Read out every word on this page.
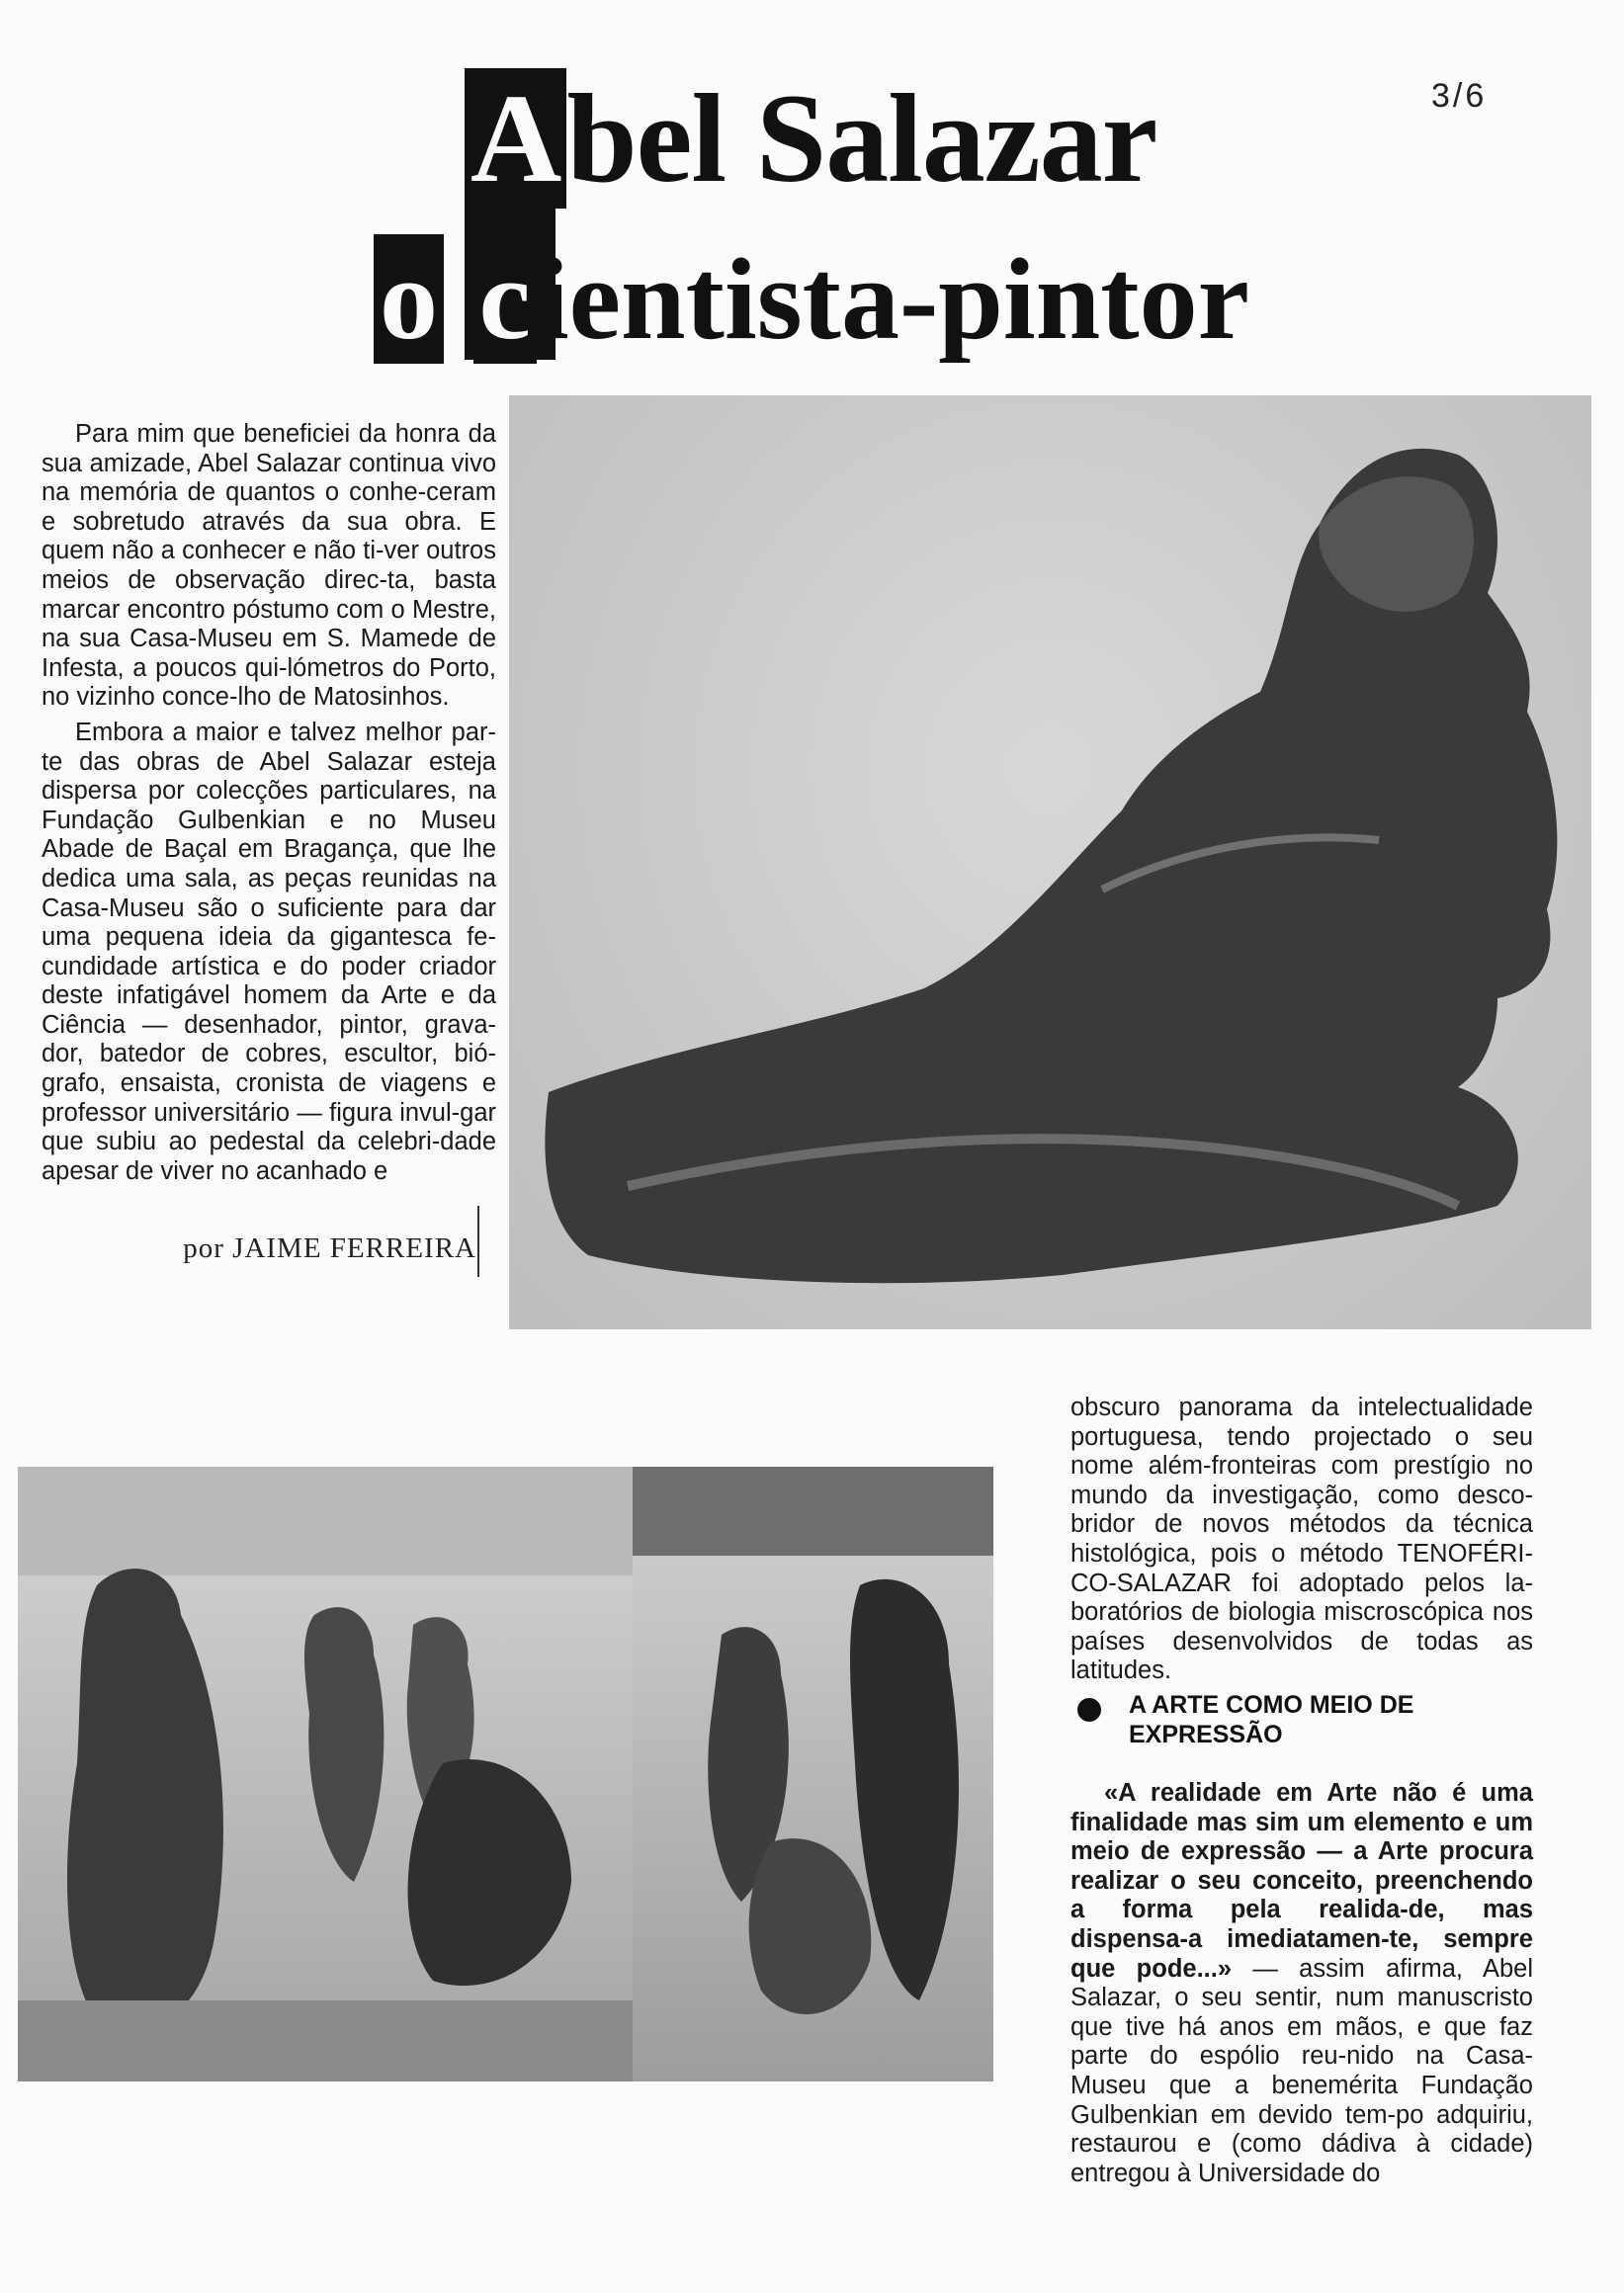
3/6
Abel Salazar
o cientista-pintor

Para mim que beneficiei da honra da sua amizade, Abel Salazar continua vivo na memória de quantos o conhe-ceram e sobretudo através da sua obra. E quem não a conhecer e não ti-ver outros meios de observação direc-ta, basta marcar encontro póstumo com o Mestre, na sua Casa-Museu em S. Mamede de Infesta, a poucos qui-lómetros do Porto, no vizinho conce-lho de Matosinhos.

Embora a maior e talvez melhor par-te das obras de Abel Salazar esteja dispersa por colecções particulares, na Fundação Gulbenkian e no Museu Abade de Baçal em Bragança, que lhe dedica uma sala, as peças reunidas na Casa-Museu são o suficiente para dar uma pequena ideia da gigantesca fe-cundidade artística e do poder criador deste infatigável homem da Arte e da Ciência — desenhador, pintor, grava-dor, batedor de cobres, escultor, bió-grafo, ensaista, cronista de viagens e professor universitário — figura invul-gar que subiu ao pedestal da celebri-dade apesar de viver no acanhado e

por JAIME FERREIRA

obscuro panorama da intelectualidade portuguesa, tendo projectado o seu nome além-fronteiras com prestígio no mundo da investigação, como desco-bridor de novos métodos da técnica histológica, pois o método TENOFÉRI-CO-SALAZAR foi adoptado pelos la-boratórios de biologia miscroscópica nos países desenvolvidos de todas as latitudes.

A ARTE COMO MEIO DE EXPRESSÃO

«A realidade em Arte não é uma finalidade mas sim um elemento e um meio de expressão — a Arte procura realizar o seu conceito, preenchendo a forma pela realida-de, mas dispensa-a imediatamen-te, sempre que pode...» — assim afirma, Abel Salazar, o seu sentir, num manuscristo que tive há anos em mãos, e que faz parte do espólio reu-nido na Casa-Museu que a benemérita Fundação Gulbenkian em devido tem-po adquiriu, restaurou e (como dádiva à cidade) entregou à Universidade do
